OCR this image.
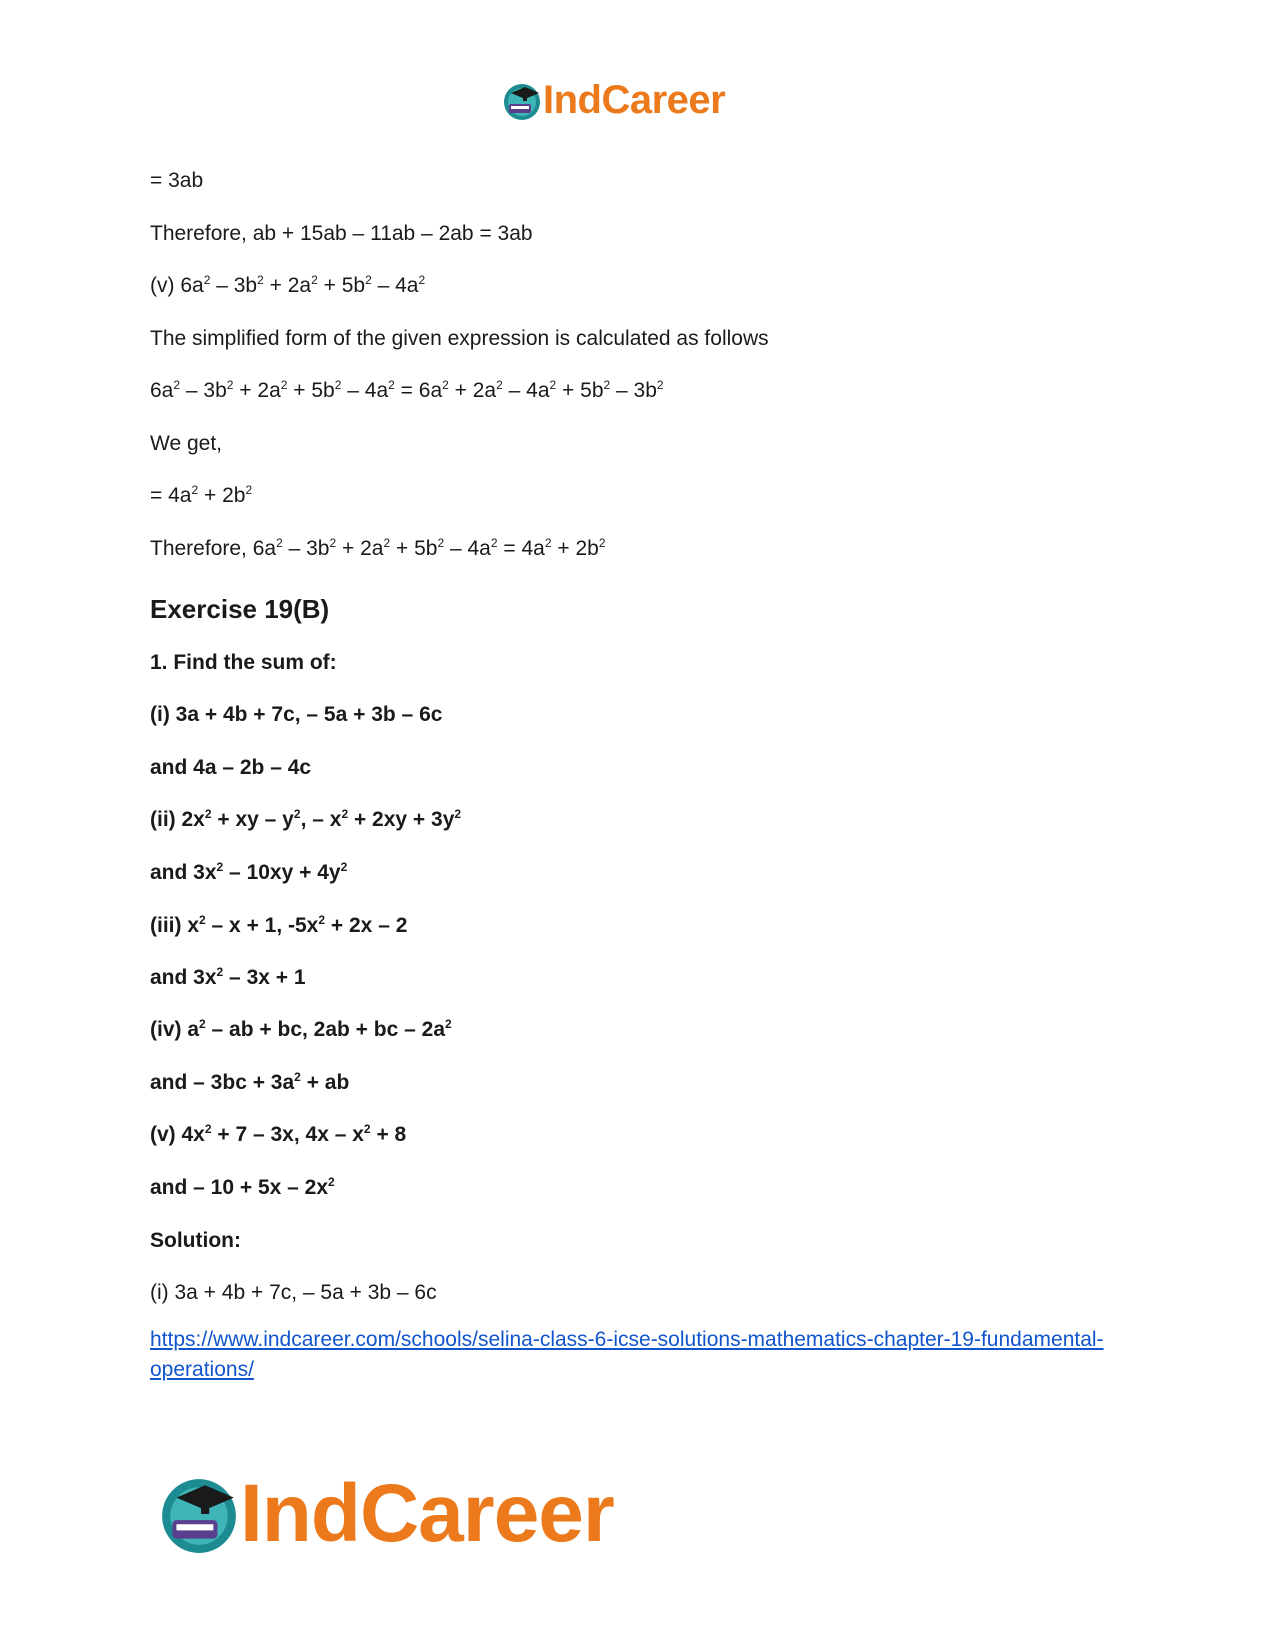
IndCareer
= 3ab
Therefore, ab + 15ab – 11ab – 2ab = 3ab
(v) $6a^2 - 3b^2 + 2a^2 + 5b^2 - 4a^2$
The simplified form of the given expression is calculated as follows
$6a^2 - 3b^2 + 2a^2 + 5b^2 - 4a^2 = 6a^2 + 2a^2 - 4a^2 + 5b^2 - 3b^2$
We get,
= $4a^2 + 2b^2$
Therefore, $6a^2 - 3b^2 + 2a^2 + 5b^2 - 4a^2 = 4a^2 + 2b^2$
Exercise 19(B)
1. Find the sum of:
(i) 3a + 4b + 7c, – 5a + 3b – 6c
and 4a – 2b – 4c
(ii) $2x^2$ + xy – $y^2$, – $x^2 + 2xy + 3y^2$
and $3x^2 - 10xy + 4y^2$
(iii) $x^2 - x + 1$, $-5x^2 + 2x - 2$
and $3x^2 - 3x + 1$
(iv) $a^2$ – ab + bc, 2ab + bc – $2a^2$
and – $3bc + 3a^2$ + ab
(v) $4x^2 + 7 - 3x$, $4x - x^2 + 8$
and – $10 + 5x - 2x^2$
Solution:
(i) 3a + 4b + 7c, – 5a + 3b – 6c
https://www.indcareer.com/schools/selina-class-6-icse-solutions-mathematics-chapter-19-fundamental-operations/
IndCareer
